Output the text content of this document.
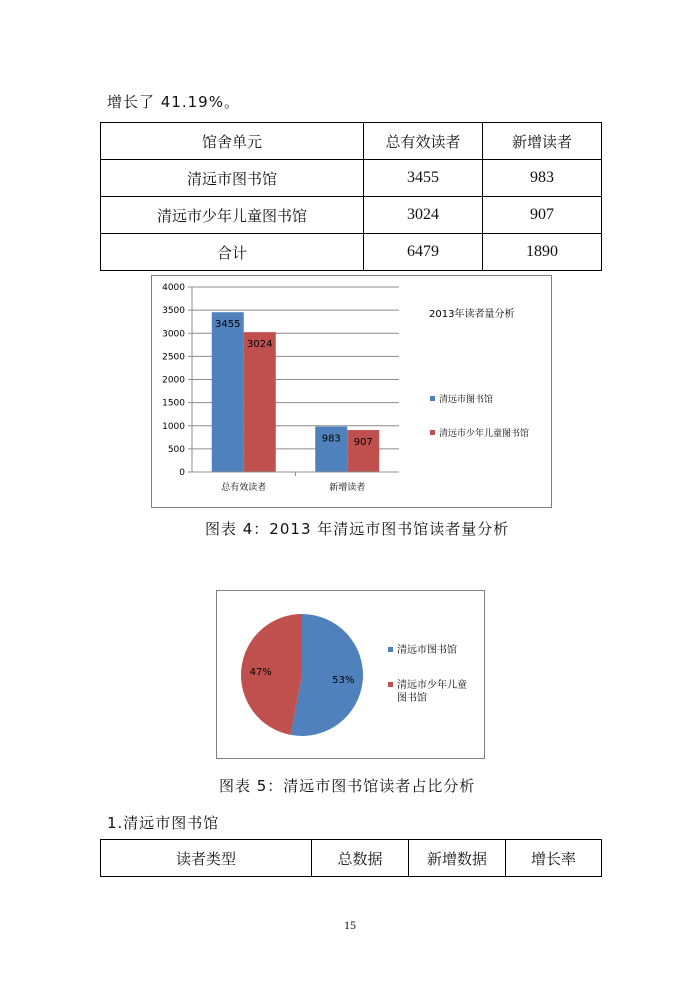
增长了 41.19%。
馆舍单元	总有效读者	新增读者
清远市图书馆	3455	983
清远市少年儿童图书馆	3024	907
合计	6479	1890
0
500
1000
1500
2000
2500
3000
3500
4000
总有效读者
3455
3024
新增读者
983 907
2013年读者量分析
清远市图书馆
清远市少年儿童图书馆
图表 4：2013 年清远市图书馆读者量分析
53%
47%
清远市图书馆
清远市少年儿童
图书馆
图表 5：清远市图书馆读者占比分析
1.清远市图书馆
读者类型	总数据	新增数据	增长率
15
